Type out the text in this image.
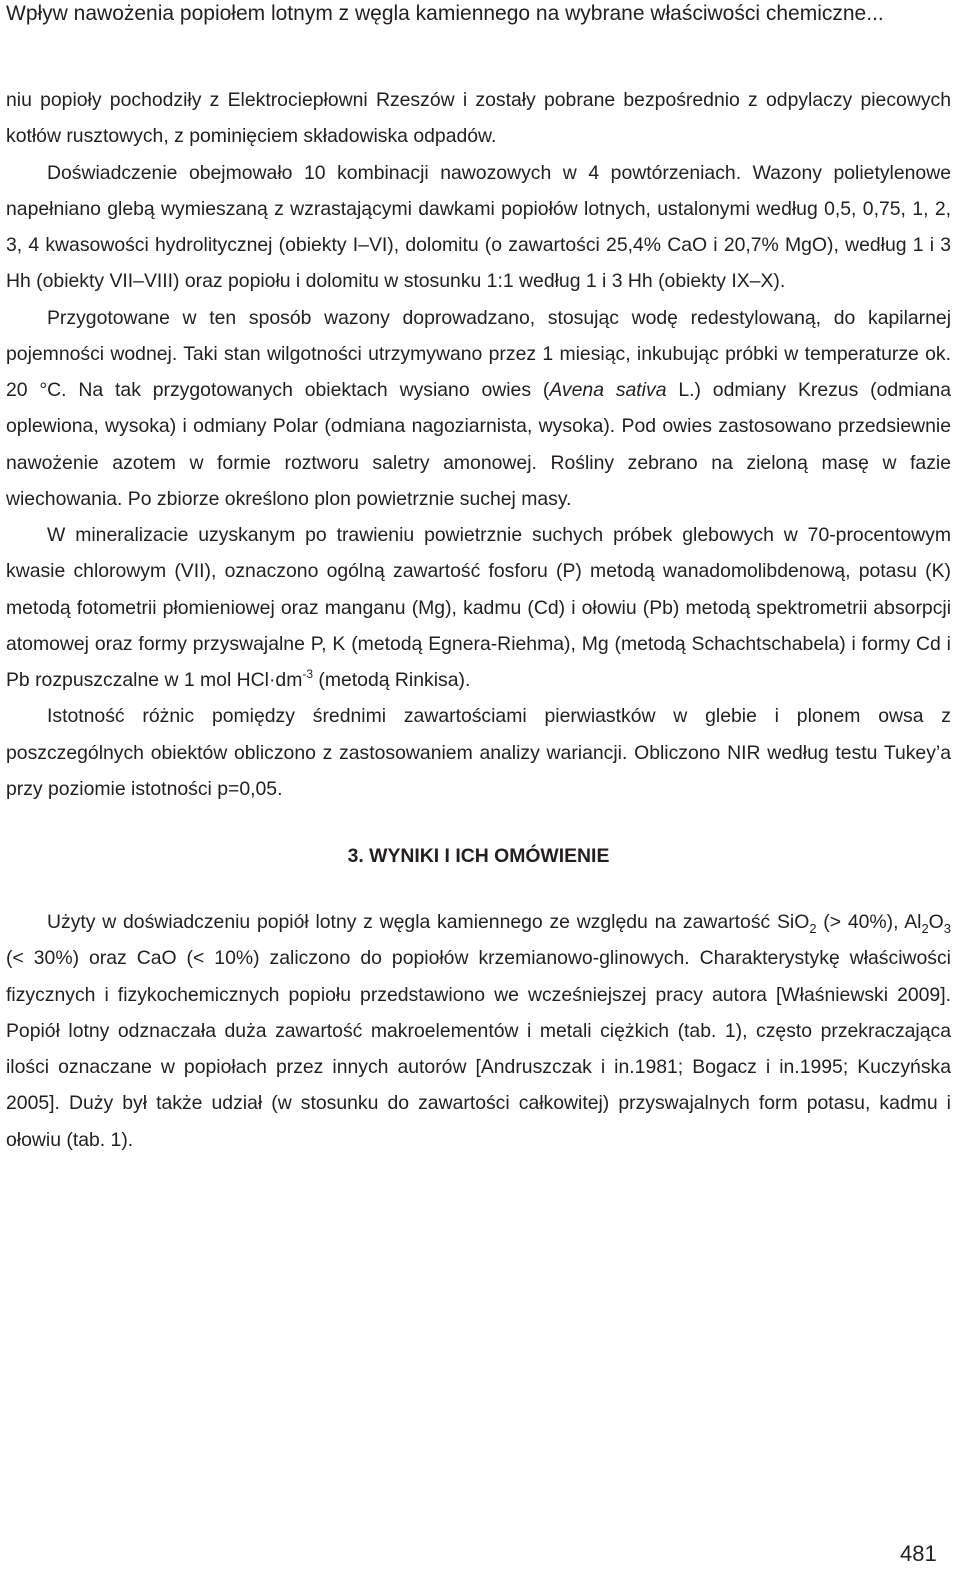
Wpływ nawożenia popiołem lotnym z węgla kamiennego na wybrane właściwości chemiczne...

niu popioły pochodziły z Elektrociepłowni Rzeszów i zostały pobrane bezpośrednio z odpylaczy piecowych kotłów rusztowych, z pominięciem składowiska odpadów.

Doświadczenie obejmowało 10 kombinacji nawozowych w 4 powtórzeniach. Wazony polietylenowe napełniano glebą wymieszaną z wzrastającymi dawkami popiołów lotnych, ustalonymi według 0,5, 0,75, 1, 2, 3, 4 kwasowości hydrolitycznej (obiekty I–VI), dolomitu (o zawartości 25,4% CaO i 20,7% MgO), według 1 i 3 Hh (obiekty VII–VIII) oraz popiołu i dolomitu w stosunku 1:1 według 1 i 3 Hh (obiekty IX–X).

Przygotowane w ten sposób wazony doprowadzano, stosując wodę redestylowaną, do kapilarnej pojemności wodnej. Taki stan wilgotności utrzymywano przez 1 miesiąc, inkubując próbki w temperaturze ok. 20 °C. Na tak przygotowanych obiektach wysiano owies (Avena sativa L.) odmiany Krezus (odmiana oplewiona, wysoka) i odmiany Polar (odmiana nagoziarnista, wysoka). Pod owies zastosowano przedsiewnie nawożenie azotem w formie roztworu saletry amonowej. Rośliny zebrano na zieloną masę w fazie wiechowania. Po zbiorze określono plon powietrznie suchej masy.

W mineralizacie uzyskanym po trawieniu powietrznie suchych próbek glebowych w 70-procentowym kwasie chlorowym (VII), oznaczono ogólną zawartość fosforu (P) metodą wanadomolibdenową, potasu (K) metodą fotometrii płomieniowej oraz manganu (Mg), kadmu (Cd) i ołowiu (Pb) metodą spektrometrii absorpcji atomowej oraz formy przyswajalne P, K (metodą Egnera-Riehma), Mg (metodą Schachtschabela) i formy Cd i Pb rozpuszczalne w 1 mol $HCl\cdot dm^{-3}$ (metodą Rinkisa).

Istotność różnic pomiędzy średnimi zawartościami pierwiastków w glebie i plonem owsa z poszczególnych obiektów obliczono z zastosowaniem analizy wariancji. Obliczono NIR według testu Tukey’a przy poziomie istotności p=0,05.

3. WYNIKI I ICH OMÓWIENIE

Użyty w doświadczeniu popiół lotny z węgla kamiennego ze względu na zawartość SiO$_2$ (> 40%), $Al_2O_3$ (< 30%) oraz CaO (< 10%) zaliczono do popiołów krzemianowo-glinowych. Charakterystykę właściwości fizycznych i fizykochemicznych popiołu przedstawiono we wcześniejszej pracy autora [Właśniewski 2009]. Popiół lotny odznaczała duża zawartość makroelementów i metali ciężkich (tab. 1), często przekraczająca ilości oznaczane w popiołach przez innych autorów [Andruszczak i in.1981; Bogacz i in.1995; Kuczyńska 2005]. Duży był także udział (w stosunku do zawartości całkowitej) przyswajalnych form potasu, kadmu i ołowiu (tab. 1).

481
